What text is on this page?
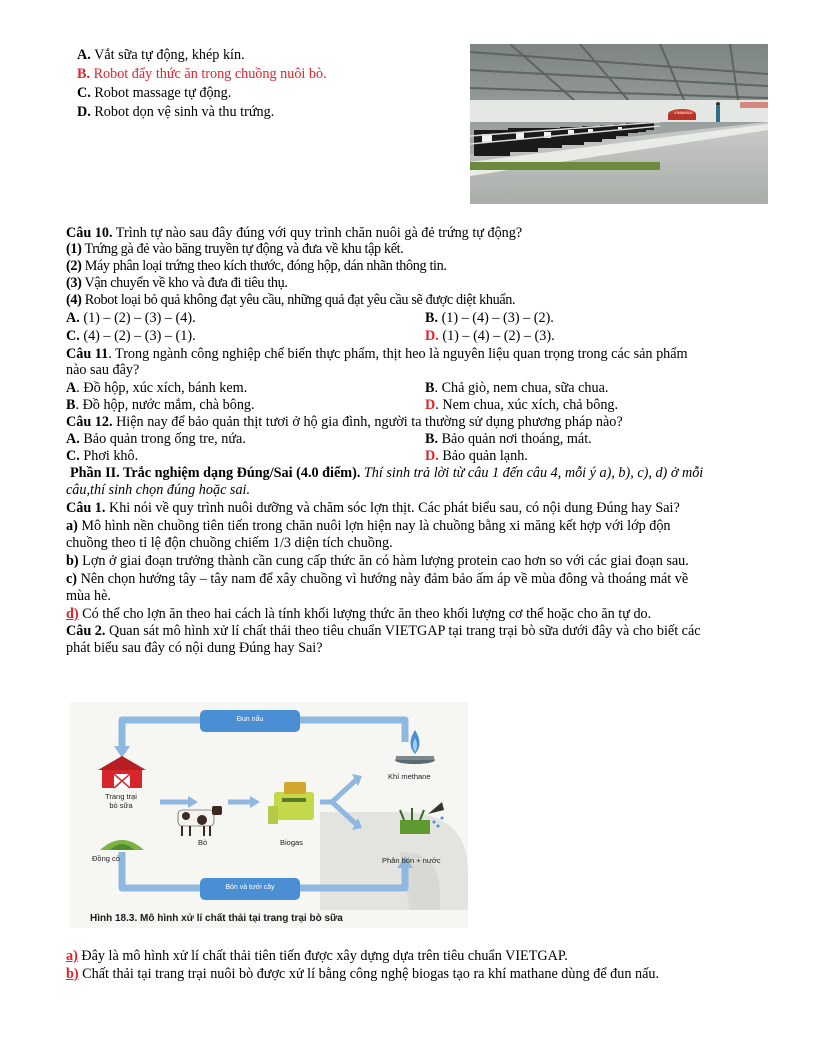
A. Vắt sữa tự động, khép kín.
B. Robot đẩy thức ăn trong chuồng nuôi bò.
C. Robot massage tự động.
D. Robot dọn vệ sinh và thu trứng.	VINAMILK
Câu 10. Trình tự nào sau đây đúng với quy trình chăn nuôi gà đẻ trứng tự động?
(1) Trứng gà đẻ vào băng truyền tự động và đưa về khu tập kết.
(2) Máy phân loại trứng theo kích thước, đóng hộp, dán nhãn thông tin.
(3) Vận chuyển về kho và đưa đi tiêu thụ.
(4) Robot loại bỏ quả không đạt yêu cầu, những quả đạt yêu cầu sẽ được diệt khuẩn.
A. (1) – (2) – (3) – (4).	B. (1) – (4) – (3) – (2).
C. (4) – (2) – (3) – (1).	D. (1) – (4) – (2) – (3).
Câu 11. Trong ngành công nghiệp chế biến thực phẩm, thịt heo là nguyên liệu quan trọng trong các sản phẩm
nào sau đây?
A. Đồ hộp, xúc xích, bánh kem.	B. Chả giò, nem chua, sữa chua.
B. Đồ hộp, nước mắm, chà bông.	D. Nem chua, xúc xích, chả bông.
Câu 12. Hiện nay để bảo quản thịt tươi ở hộ gia đình, người ta thường sử dụng phương pháp nào?
A. Bảo quản trong ống tre, nứa.	B. Bảo quản nơi thoáng, mát.
C. Phơi khô.	D. Bảo quản lạnh.
Phần II. Trắc nghiệm dạng Đúng/Sai (4.0 điểm). Thí sinh trả lời từ câu 1 đến câu 4, mỗi ý a), b), c), d) ở mỗi
câu,thí sinh chọn đúng hoặc sai.
Câu 1. Khi nói về quy trình nuôi dưỡng và chăm sóc lợn thịt. Các phát biểu sau, có nội dung Đúng hay Sai?
a) Mô hình nền chuồng tiên tiến trong chăn nuôi lợn hiện nay là chuồng bằng xi măng kết hợp với lớp độn
chuồng theo tỉ lệ độn chuồng chiếm 1/3 diện tích chuồng.
b) Lợn ở giai đoạn trưởng thành cần cung cấp thức ăn có hàm lượng protein cao hơn so với các giai đoạn sau.
c) Nên chọn hướng tây – tây nam để xây chuồng vì hướng này đảm bảo ấm áp về mùa đông và thoáng mát về
mùa hè.
d) Có thể cho lợn ăn theo hai cách là tính khối lượng thức ăn theo khối lượng cơ thể hoặc cho ăn tự do.
Câu 2. Quan sát mô hình xử lí chất thải theo tiêu chuẩn VIETGAP tại trang trại bò sữa dưới đây và cho biết các
phát biểu sau đây có nội dung Đúng hay Sai?
Đun nấu
Bón và tưới cây
Trang trại
bò sữa
Bò	Biogas
Khí methane
Phân bón + nước
Đồng cỏ
Hình 18.3. Mô hình xử lí chất thải tại trang trại bò sữa
a) Đây là mô hình xử lí chất thải tiên tiến được xây dựng dựa trên tiêu chuẩn VIETGAP.
b) Chất thải tại trang trại nuôi bò được xử lí bằng công nghệ biogas tạo ra khí mathane dùng để đun nấu.
